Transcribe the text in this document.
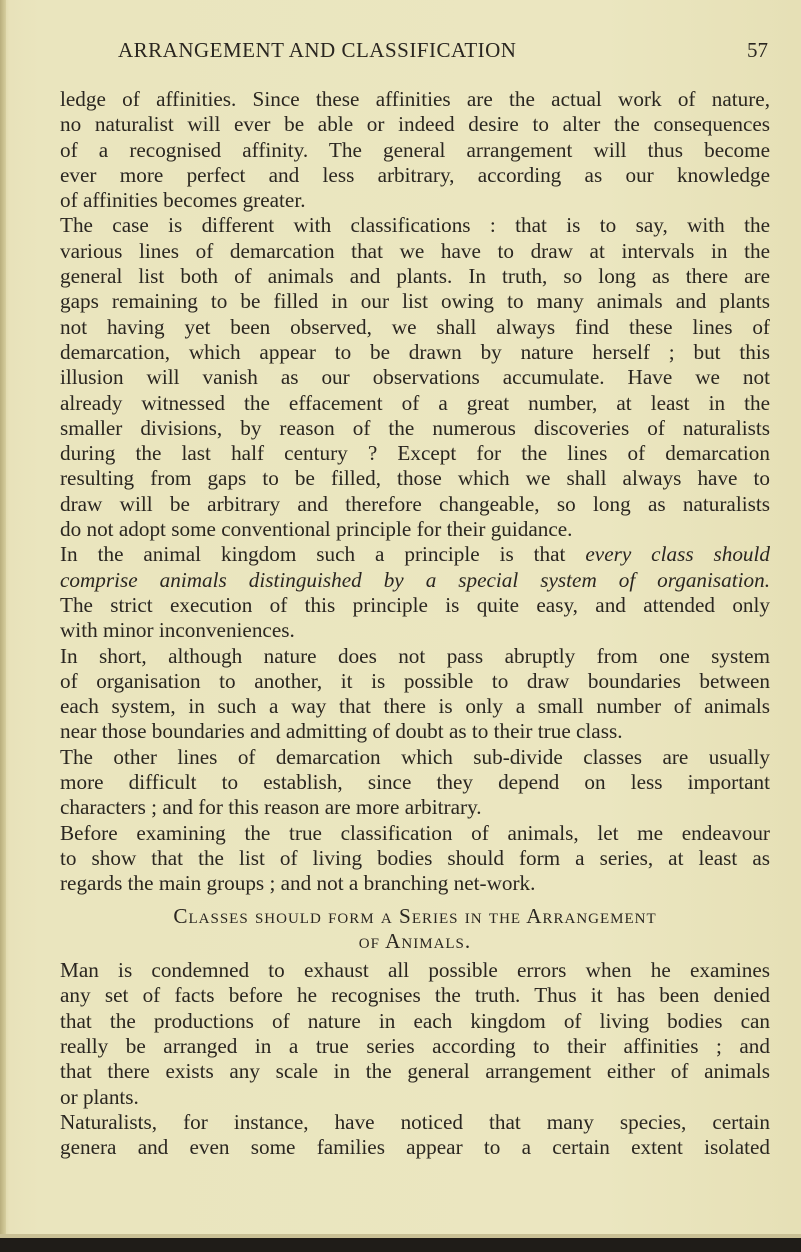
ARRANGEMENT AND CLASSIFICATION	57
ledge of affinities. Since these affinities are the actual work of nature,
no naturalist will ever be able or indeed desire to alter the consequences
of a recognised affinity. The general arrangement will thus become
ever more perfect and less arbitrary, according as our knowledge
of affinities becomes greater.
The case is different with classifications : that is to say, with the
various lines of demarcation that we have to draw at intervals in the
general list both of animals and plants. In truth, so long as there are
gaps remaining to be filled in our list owing to many animals and plants
not having yet been observed, we shall always find these lines of
demarcation, which appear to be drawn by nature herself ; but this
illusion will vanish as our observations accumulate. Have we not
already witnessed the effacement of a great number, at least in the
smaller divisions, by reason of the numerous discoveries of naturalists
during the last half century ? Except for the lines of demarcation
resulting from gaps to be filled, those which we shall always have to
draw will be arbitrary and therefore changeable, so long as naturalists
do not adopt some conventional principle for their guidance.
In the animal kingdom such a principle is that every class should
comprise animals distinguished by a special system of organisation.
The strict execution of this principle is quite easy, and attended only
with minor inconveniences.
In short, although nature does not pass abruptly from one system
of organisation to another, it is possible to draw boundaries between
each system, in such a way that there is only a small number of animals
near those boundaries and admitting of doubt as to their true class.
The other lines of demarcation which sub-divide classes are usually
more difficult to establish, since they depend on less important
characters ; and for this reason are more arbitrary.
Before examining the true classification of animals, let me endeavour
to show that the list of living bodies should form a series, at least as
regards the main groups ; and not a branching net-work.
Classes should form a Series in the Arrangement
of Animals.
Man is condemned to exhaust all possible errors when he examines
any set of facts before he recognises the truth. Thus it has been denied
that the productions of nature in each kingdom of living bodies can
really be arranged in a true series according to their affinities ; and
that there exists any scale in the general arrangement either of animals
or plants.
Naturalists, for instance, have noticed that many species, certain
genera and even some families appear to a certain extent isolated
